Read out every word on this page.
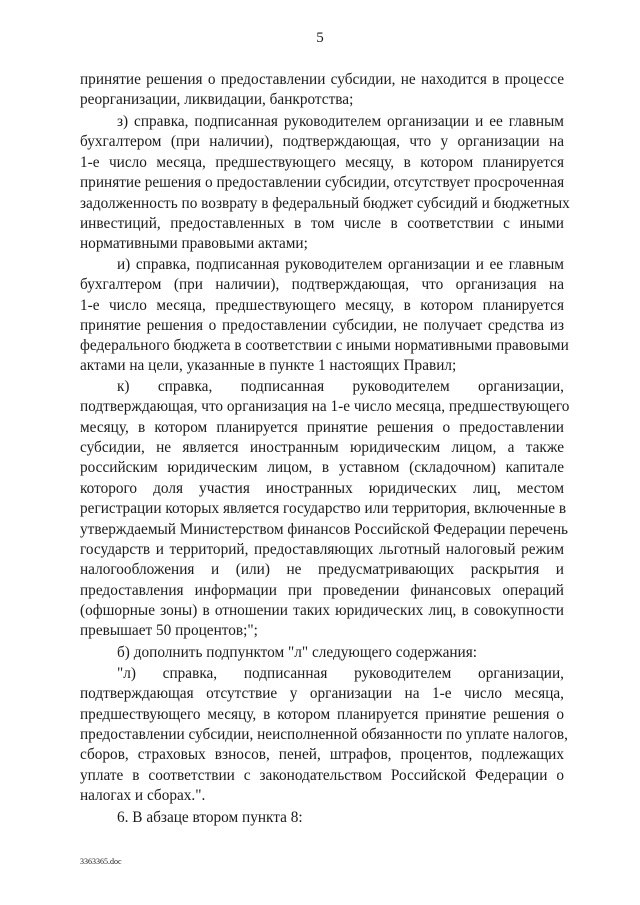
5
принятие решения о предоставлении субсидии, не находится в процессе
реорганизации, ликвидации, банкротства;
з) справка, подписанная руководителем организации и ее главным
бухгалтером (при наличии), подтверждающая, что у организации на
1-е число месяца, предшествующего месяцу, в котором планируется
принятие решения о предоставлении субсидии, отсутствует просроченная
задолженность по возврату в федеральный бюджет субсидий и бюджетных
инвестиций, предоставленных в том числе в соответствии с иными
нормативными правовыми актами;
и) справка, подписанная руководителем организации и ее главным
бухгалтером (при наличии), подтверждающая, что организация на
1-е число месяца, предшествующего месяцу, в котором планируется
принятие решения о предоставлении субсидии, не получает средства из
федерального бюджета в соответствии с иными нормативными правовыми
актами на цели, указанные в пункте 1 настоящих Правил;
к) справка, подписанная руководителем организации,
подтверждающая, что организация на 1-е число месяца, предшествующего
месяцу, в котором планируется принятие решения о предоставлении
субсидии, не является иностранным юридическим лицом, а также
российским юридическим лицом, в уставном (складочном) капитале
которого доля участия иностранных юридических лиц, местом
регистрации которых является государство или территория, включенные в
утверждаемый Министерством финансов Российской Федерации перечень
государств и территорий, предоставляющих льготный налоговый режим
налогообложения и (или) не предусматривающих раскрытия и
предоставления информации при проведении финансовых операций
(офшорные зоны) в отношении таких юридических лиц, в совокупности
превышает 50 процентов;";
б) дополнить подпунктом "л" следующего содержания:
"л) справка, подписанная руководителем организации,
подтверждающая отсутствие у организации на 1-е число месяца,
предшествующего месяцу, в котором планируется принятие решения о
предоставлении субсидии, неисполненной обязанности по уплате налогов,
сборов, страховых взносов, пеней, штрафов, процентов, подлежащих
уплате в соответствии с законодательством Российской Федерации о
налогах и сборах.".
6. В абзаце втором пункта 8:
3363365.doc
